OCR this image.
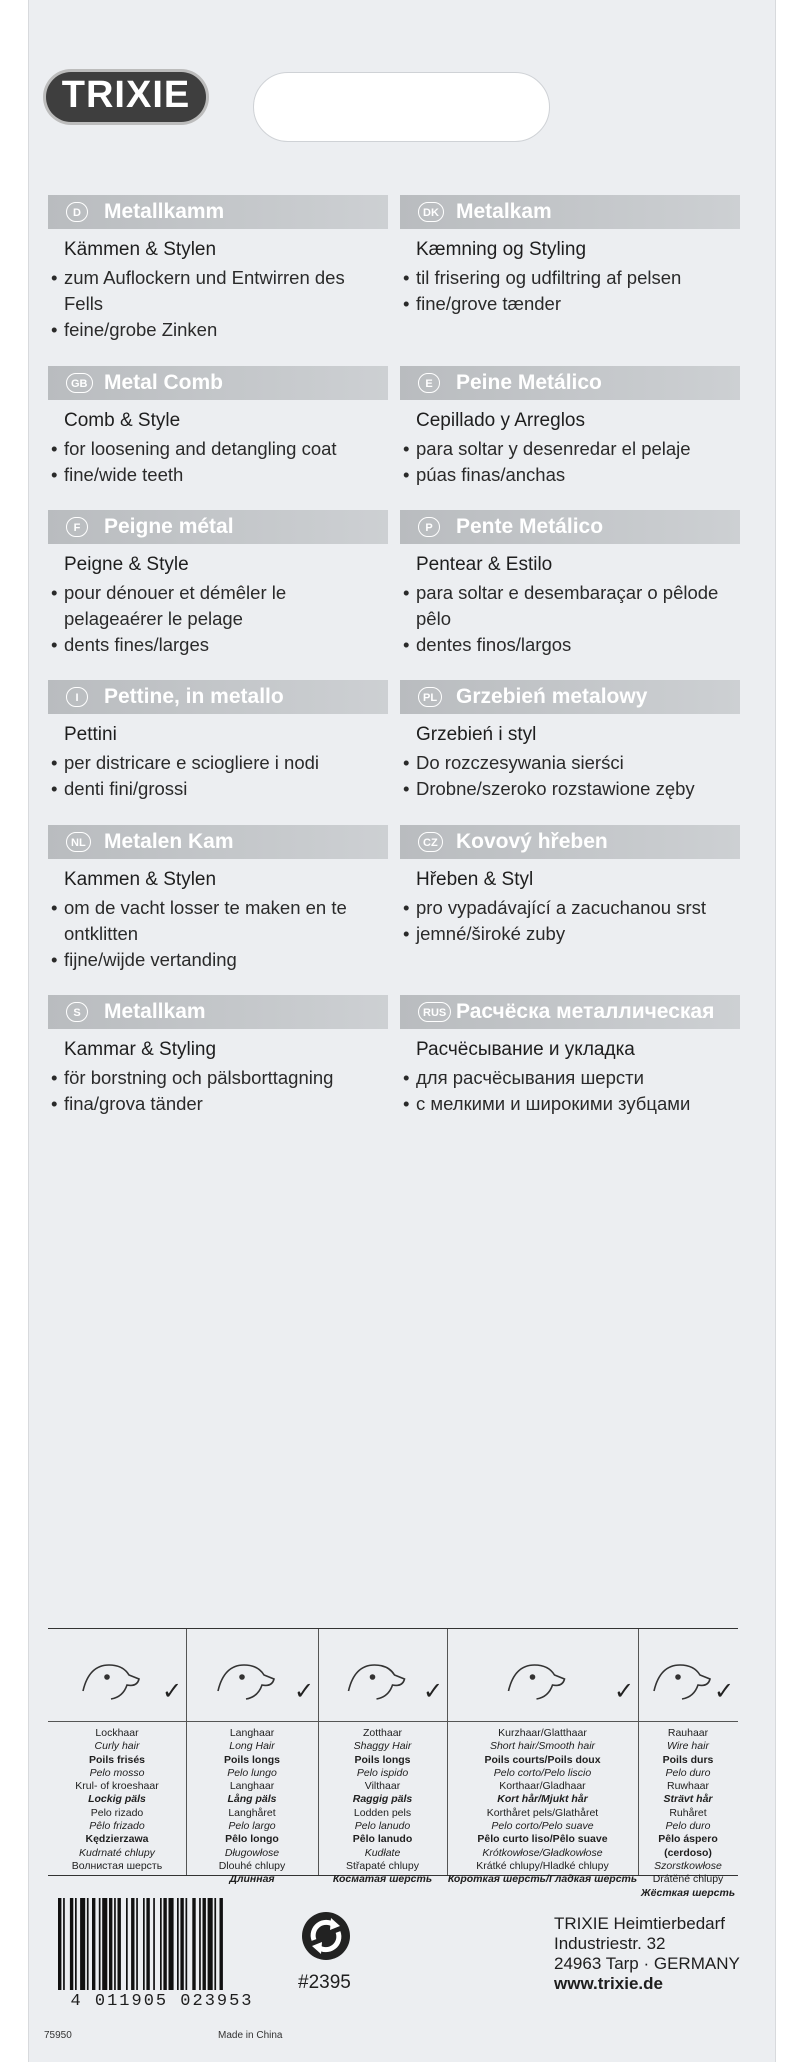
TRIXIE
D	Metallkamm
Kämmen & Stylen
• zum Auflockern und Entwirren des Fells
• feine/grobe Zinken
DK Metalkam
Kæmning og Styling
• til frisering og udfiltring af pelsen
• fine/grove tænder
GB Metal Comb
Comb & Style
• for loosening and detangling coat
• fine/wide teeth
E	Peine Metálico
Cepillado y Arreglos
• para soltar y desenredar el pelaje
• púas finas/anchas
F	Peigne métal
Peigne & Style
• pour dénouer et démêler le pelageaérer le pelage
• dents fines/larges
P	Pente Metálico
Pentear & Estilo
• para soltar e desembaraçar o pêlode pêlo
• dentes finos/largos
I	Pettine, in metallo
Pettini
• per districare e sciogliere i nodi
• denti fini/grossi
PL Grzebień metalowy
Grzebień i styl
• Do rozczesywania sierści
• Drobne/szeroko rozstawione zęby
NL Metalen Kam
Kammen & Stylen
• om de vacht losser te maken en te ontklitten
• fijne/wijde vertanding
CZ Kovový hřeben
Hřeben & Styl
• pro vypadávající a zacuchanou srst
• jemné/široké zuby
S	Metallkam
Kammar & Styling
• för borstning och pälsborttagning
• fina/grova tänder
RUS Расчёска металлическая
Расчёсывание и укладка
• для расчёсывания шерсти
• с мелкими и широкими зубцами
✓
Lockhaar
Curly hair
Poils frisés
Pelo mosso
Krul- of kroeshaar
Lockig päls
Pelo rizado
Pêlo frizado
Kędzierzawa
Kudrnaté chlupy
Волнистая шерсть
✓
Langhaar
Long Hair
Poils longs
Pelo lungo
Langhaar
Lång päls
Langhåret
Pelo largo
Pêlo longo
Długowłose
Dlouhé chlupy
Длинная
✓
Zotthaar
Shaggy Hair
Poils longs
Pelo ispido
Vilthaar
Raggig päls
Lodden pels
Pelo lanudo
Pêlo lanudo
Kudłate
Střapaté chlupy
Косматая шерсть
✓
Kurzhaar/Glatthaar
Short hair/Smooth hair
Poils courts/Poils doux
Pelo corto/Pelo liscio
Korthaar/Gladhaar
Kort hår/Mjukt hår
Korthåret pels/Glathåret
Pelo corto/Pelo suave
Pêlo curto liso/Pêlo suave
Krótkowłose/Gładkowłose
Krátké chlupy/Hladké chlupy
Короткая шерсть/Гладкая шерсть
✓
Rauhaar
Wire hair
Poils durs
Pelo duro
Ruwhaar
Strävt hår
Ruhåret
Pelo duro
Pêlo áspero (cerdoso)
Szorstkowłose
Drátěné chlupy
Жёсткая шерсть
4 011905 023953
75950	Made in China
#2395
TRIXIE Heimtierbedarf
Industriestr. 32
24963 Tarp · GERMANY
www.trixie.de
